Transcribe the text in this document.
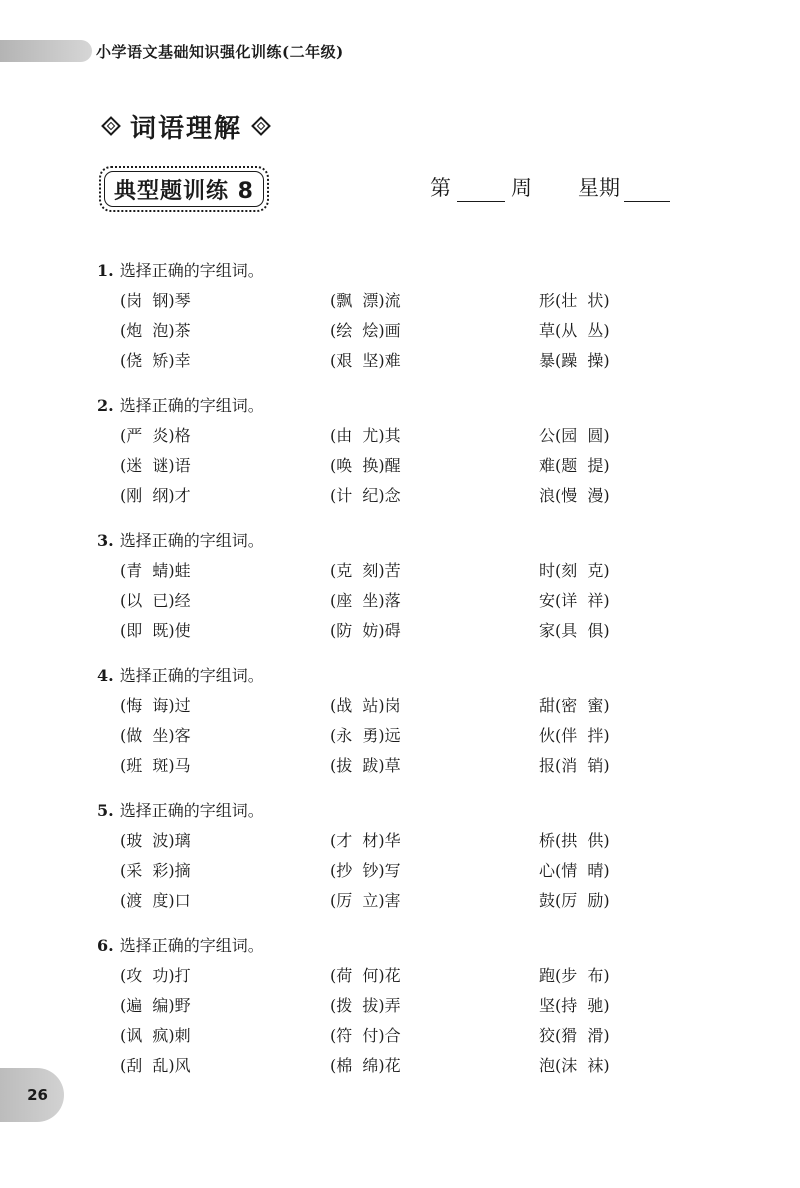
小学语文基础知识强化训练(二年级)
词语理解
典型题训练 8	第	周 星期
1. 选择正确的字组词。
(岗  钢)琴	(飘  漂)流	形(壮  状)
(炮  泡)茶	(绘  烩)画	草(从  丛)
(侥  矫)幸	(艰  坚)难	暴(躁  操)
2. 选择正确的字组词。
(严  炎)格	(由  尤)其	公(园  圆)
(迷  谜)语	(唤  换)醒	难(题  提)
(刚  纲)才	(计  纪)念	浪(慢  漫)
3. 选择正确的字组词。
(青  蜻)蛙	(克  刻)苦	时(刻  克)
(以  已)经	(座  坐)落	安(详  祥)
(即  既)使	(防  妨)碍	家(具  俱)
4. 选择正确的字组词。
(悔  诲)过	(战  站)岗	甜(密  蜜)
(做  坐)客	(永  勇)远	伙(伴  拌)
(班  斑)马	(拔  跋)草	报(消  销)
5. 选择正确的字组词。
(玻  波)璃	(才  材)华	桥(拱  供)
(采  彩)摘	(抄  钞)写	心(情  晴)
(渡  度)口	(厉  立)害	鼓(厉  励)
6. 选择正确的字组词。
(攻  功)打	(荷  何)花	跑(步  布)
(遍  编)野	(拨  拔)弄	坚(持  驰)
(讽  疯)刺	(符  付)合	狡(猾  滑)
(刮  乱)风	(棉  绵)花	泡(沫  袜)
26
